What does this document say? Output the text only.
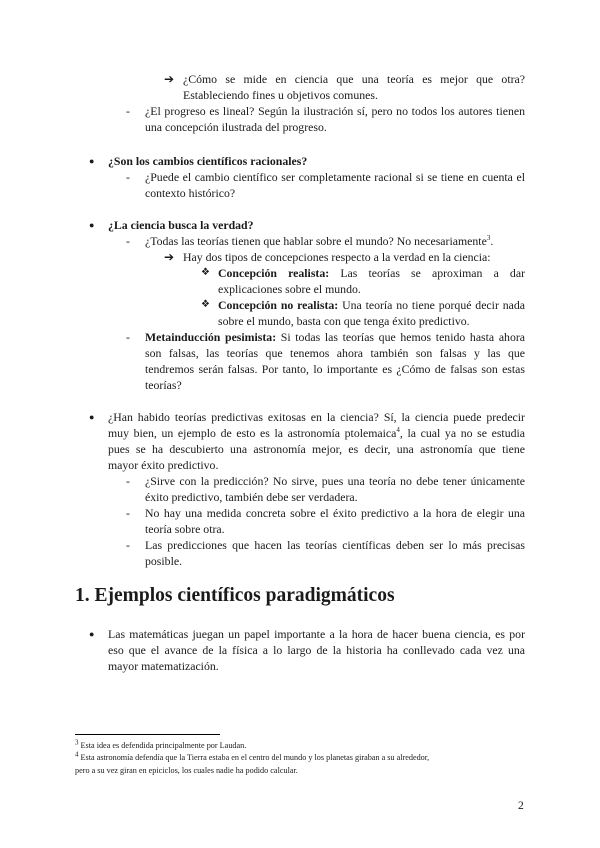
➔ ¿Cómo se mide en ciencia que una teoría es mejor que otra?
Estableciendo fines u objetivos comunes.
- ¿El progreso es lineal? Según la ilustración sí, pero no todos los autores tienen
una concepción ilustrada del progreso.
● ¿Son los cambios científicos racionales?
- ¿Puede el cambio científico ser completamente racional si se tiene en cuenta el
contexto histórico?
● ¿La ciencia busca la verdad?
- ¿Todas las teorías tienen que hablar sobre el mundo? No necesariamente$^3$.
➔ Hay dos tipos de concepciones respecto a la verdad en la ciencia:
❖ Concepción realista: Las teorías se aproximan a dar
explicaciones sobre el mundo.
❖ Concepción no realista: Una teoría no tiene porqué decir nada
sobre el mundo, basta con que tenga éxito predictivo.
- Metainducción pesimista: Si todas las teorías que hemos tenido hasta ahora
son falsas, las teorías que tenemos ahora también son falsas y las que
tendremos serán falsas. Por tanto, lo importante es ¿Cómo de falsas son estas
teorías?
● ¿Han habido teorías predictivas exitosas en la ciencia? Sí, la ciencia puede predecir
muy bien, un ejemplo de esto es la astronomía ptolemaica$^4$, la cual ya no se estudia
pues se ha descubierto una astronomía mejor, es decir, una astronomía que tiene
mayor éxito predictivo.
- ¿Sirve con la predicción? No sirve, pues una teoría no debe tener únicamente
éxito predictivo, también debe ser verdadera.
- No hay una medida concreta sobre el éxito predictivo a la hora de elegir una
teoría sobre otra.
- Las predicciones que hacen las teorías científicas deben ser lo más precisas
posible.
1. Ejemplos científicos paradigmáticos
● Las matemáticas juegan un papel importante a la hora de hacer buena ciencia, es por
eso que el avance de la física a lo largo de la historia ha conllevado cada vez una
mayor matematización.
$^3$ Esta idea es defendida principalmente por Laudan.
$^4$ Esta astronomía defendía que la Tierra estaba en el centro del mundo y los planetas giraban a su alrededor,
pero a su vez giran en epiciclos, los cuales nadie ha podido calcular.
2
